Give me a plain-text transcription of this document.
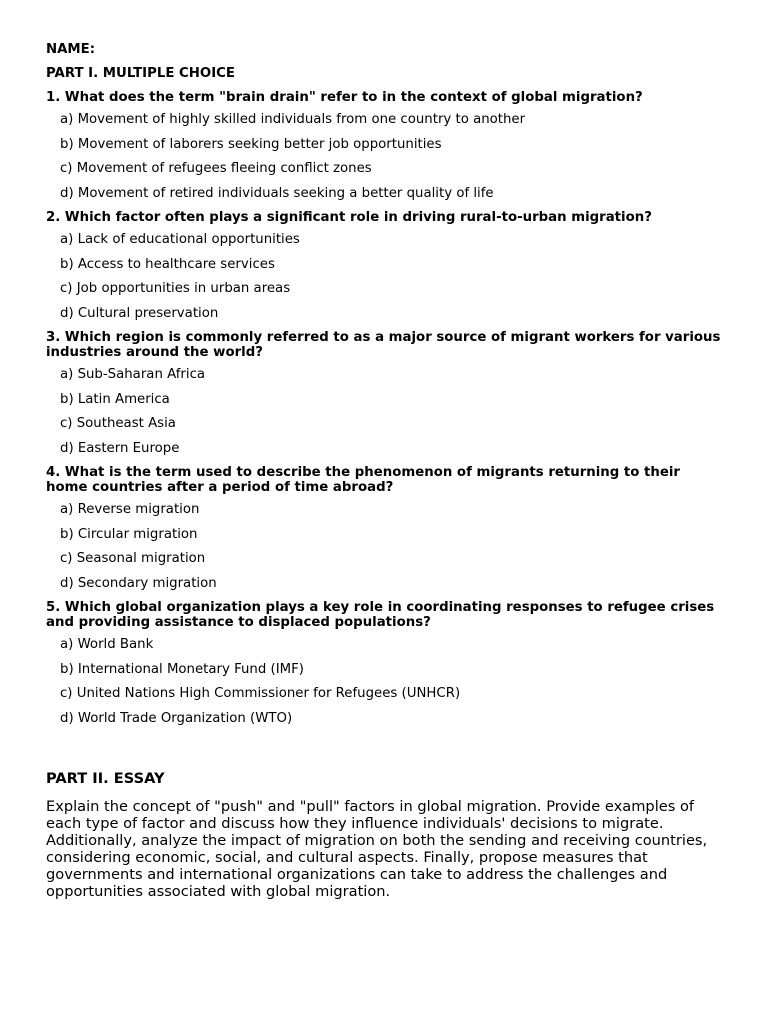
NAME:

PART I. MULTIPLE CHOICE

1. What does the term "brain drain" refer to in the context of global migration?

a) Movement of highly skilled individuals from one country to another
b) Movement of laborers seeking better job opportunities
c) Movement of refugees fleeing conflict zones
d) Movement of retired individuals seeking a better quality of life

2. Which factor often plays a significant role in driving rural-to-urban migration?

a) Lack of educational opportunities
b) Access to healthcare services
c) Job opportunities in urban areas
d) Cultural preservation

3. Which region is commonly referred to as a major source of migrant workers for various industries around the world?

a) Sub-Saharan Africa
b) Latin America
c) Southeast Asia
d) Eastern Europe

4. What is the term used to describe the phenomenon of migrants returning to their home countries after a period of time abroad?

a) Reverse migration
b) Circular migration
c) Seasonal migration
d) Secondary migration

5. Which global organization plays a key role in coordinating responses to refugee crises and providing assistance to displaced populations?

a) World Bank
b) International Monetary Fund (IMF)
c) United Nations High Commissioner for Refugees (UNHCR)
d) World Trade Organization (WTO)

PART II. ESSAY

Explain the concept of "push" and "pull" factors in global migration. Provide examples of each type of factor and discuss how they influence individuals' decisions to migrate. Additionally, analyze the impact of migration on both the sending and receiving countries, considering economic, social, and cultural aspects. Finally, propose measures that governments and international organizations can take to address the challenges and opportunities associated with global migration.
